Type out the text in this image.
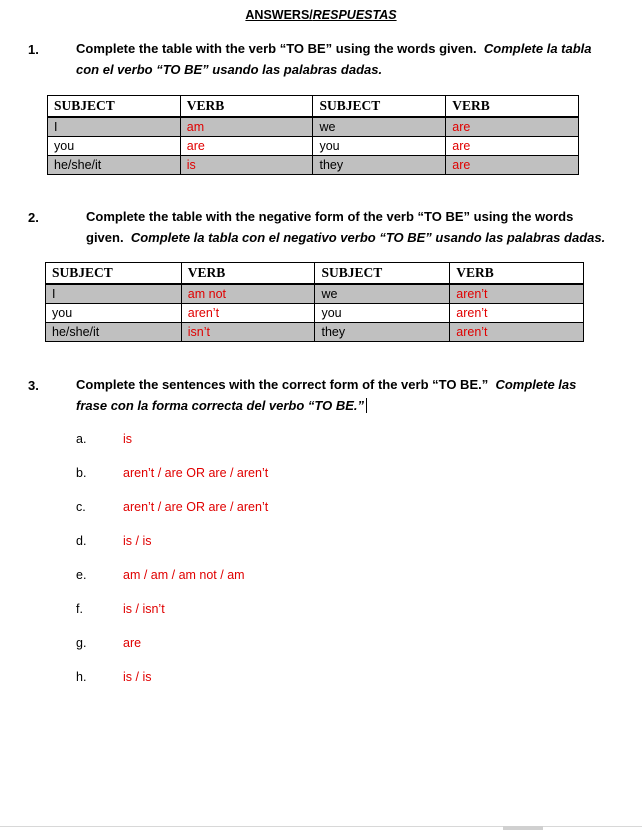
ANSWERS/RESPUESTAS
1.	Complete the table with the verb “TO BE” using the words given. Complete la tabla
con el verbo “TO BE” usando las palabras dadas.
SUBJECT	VERB	SUBJECT	VERB
I	am	we	are
you	are	you	are
he/she/it	is	they	are
2.	Complete the table with the negative form of the verb “TO BE” using the words
given. Complete la tabla con el negativo verbo “TO BE” usando las palabras dadas.
SUBJECT	VERB	SUBJECT	VERB
I	am not	we	aren’t
you	aren’t	you	aren’t
he/she/it	isn’t	they	aren’t
3.	Complete the sentences with the correct form of the verb “TO BE.” Complete las
frase con la forma correcta del verbo “TO BE.”
a.	is
b.	aren’t / are OR are / aren’t
c.	aren’t / are OR are / aren’t
d.	is / is
e.	am / am / am not / am
f.	is / isn’t
g.	are
h.	is / is
